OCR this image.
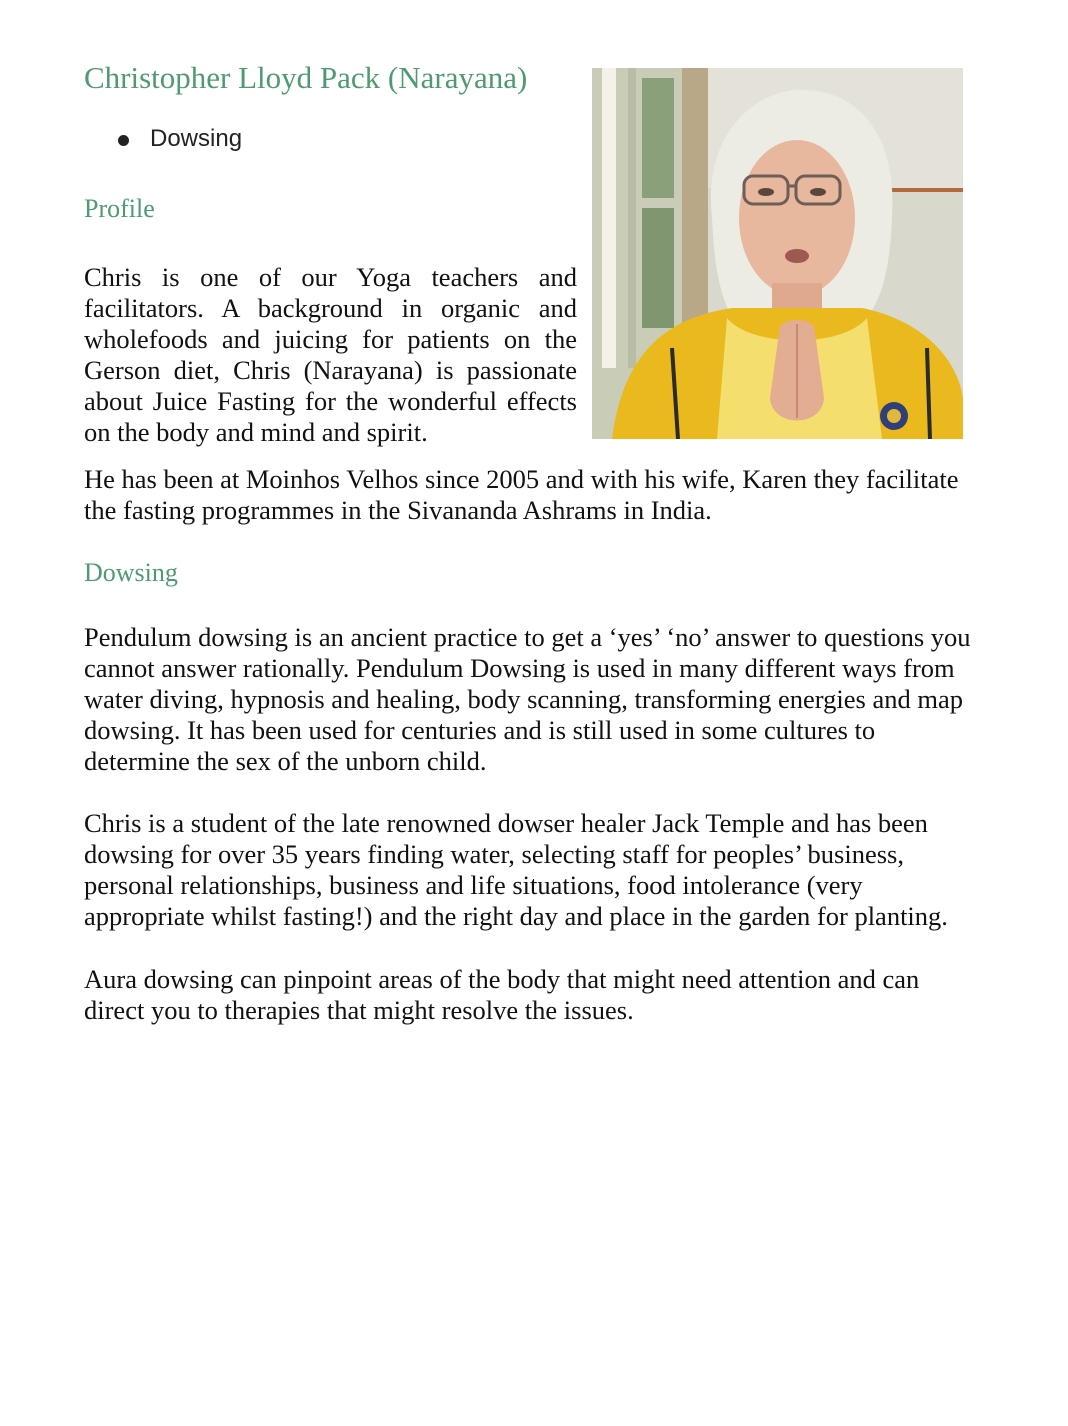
Christopher Lloyd Pack (Narayana)
Dowsing
Profile

Chris is one of our Yoga teachers and facilitators. A background in organic and wholefoods and juicing for patients on the Gerson diet, Chris (Narayana) is passionate about Juice Fasting for the wonderful effects on the body and mind and spirit.

He has been at Moinhos Velhos since 2005 and with his wife, Karen they facilitate the fasting programmes in the Sivananda Ashrams in India.

Dowsing

Pendulum dowsing is an ancient practice to get a ‘yes’ ‘no’ answer to questions you cannot answer rationally. Pendulum Dowsing is used in many different ways from water diving, hypnosis and healing, body scanning, transforming energies and map dowsing. It has been used for centuries and is still used in some cultures to determine the sex of the unborn child.

Chris is a student of the late renowned dowser healer Jack Temple and has been dowsing for over 35 years finding water, selecting staff for peoples’ business, personal relationships, business and life situations, food intolerance (very appropriate whilst fasting!) and the right day and place in the garden for planting.

Aura dowsing can pinpoint areas of the body that might need attention and can direct you to therapies that might resolve the issues.
